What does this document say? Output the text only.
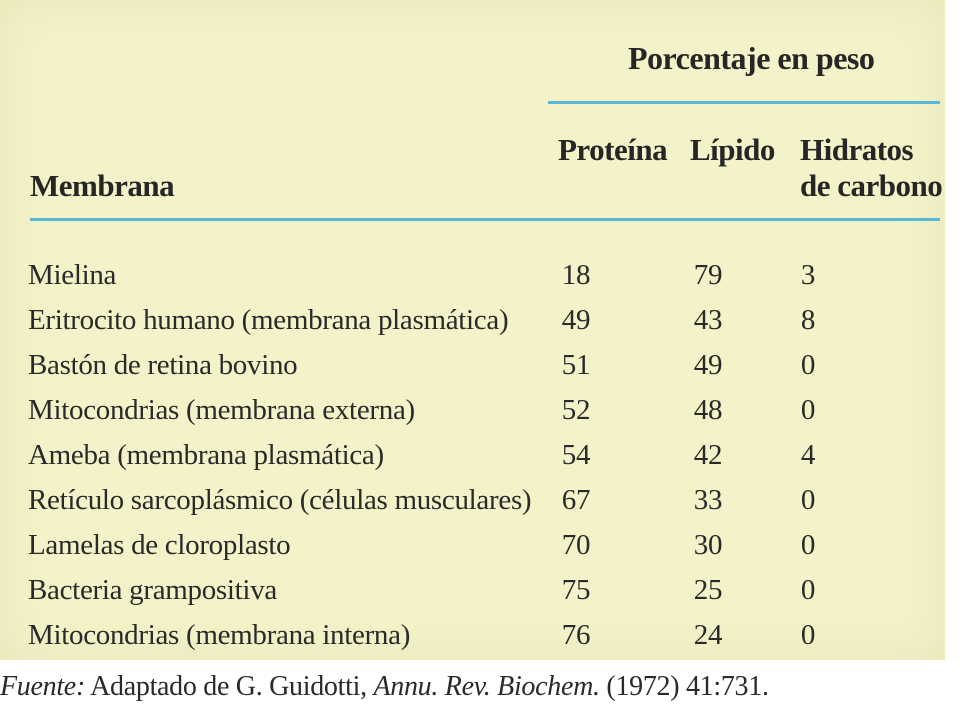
Porcentaje en peso
Membrana
Proteína Lípido Hidratos
de carbono
Mielina	18	79	3
Eritrocito humano (membrana plasmática) 49	43	8
Bastón de retina bovino	51	49	0
Mitocondrias (membrana externa)	52	48	0
Ameba (membrana plasmática)	54	42	4
Retículo sarcoplásmico (células musculares) 67	33	0
Lamelas de cloroplasto	70	30	0
Bacteria grampositiva	75	25	0
Mitocondrias (membrana interna)	76	24	0
Fuente: Adaptado de G. Guidotti, Annu. Rev. Biochem. (1972) 41:731.
